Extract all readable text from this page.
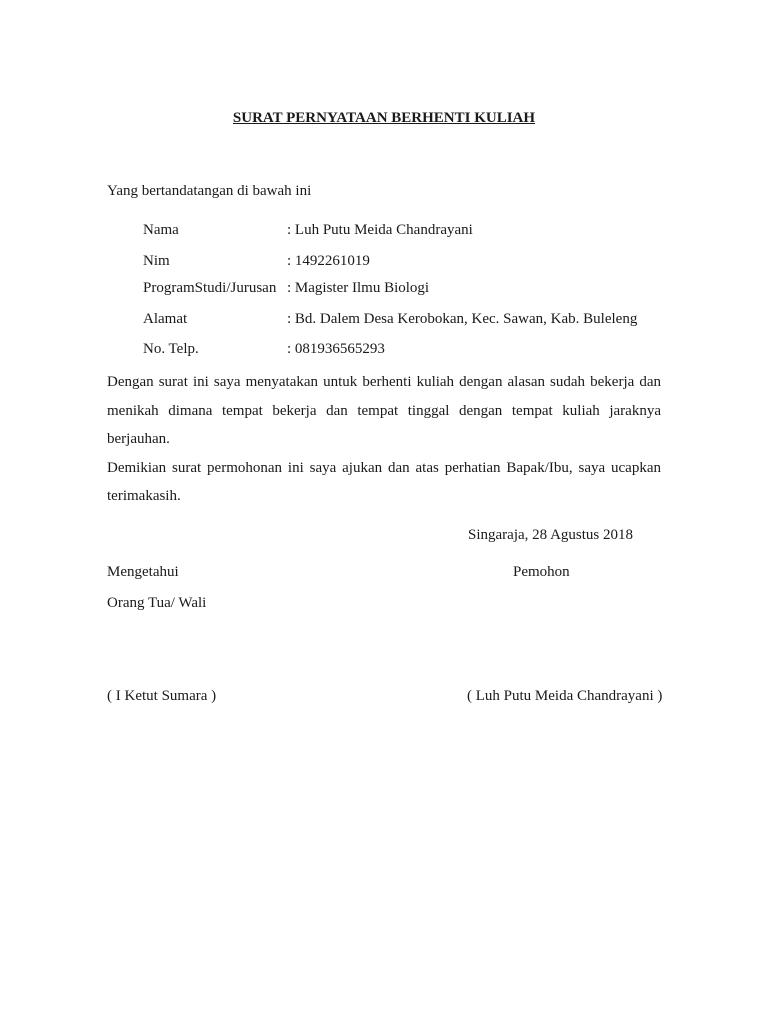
SURAT PERNYATAAN BERHENTI KULIAH
Yang bertandatangan di bawah ini
Nama	: Luh Putu Meida Chandrayani
Nim	: 1492261019
ProgramStudi/Jurusan : Magister Ilmu Biologi
Alamat	: Bd. Dalem Desa Kerobokan, Kec. Sawan, Kab. Buleleng
No. Telp.	: 081936565293

Dengan surat ini saya menyatakan untuk berhenti kuliah dengan alasan sudah bekerja dan menikah dimana tempat bekerja dan tempat tinggal dengan tempat kuliah jaraknya berjauhan.

Demikian surat permohonan ini saya ajukan dan atas perhatian Bapak/Ibu, saya ucapkan terimakasih.

Singaraja, 28 Agustus 2018
Mengetahui	Pemohon
Orang Tua/ Wali
( I Ketut Sumara )	( Luh Putu Meida Chandrayani )
